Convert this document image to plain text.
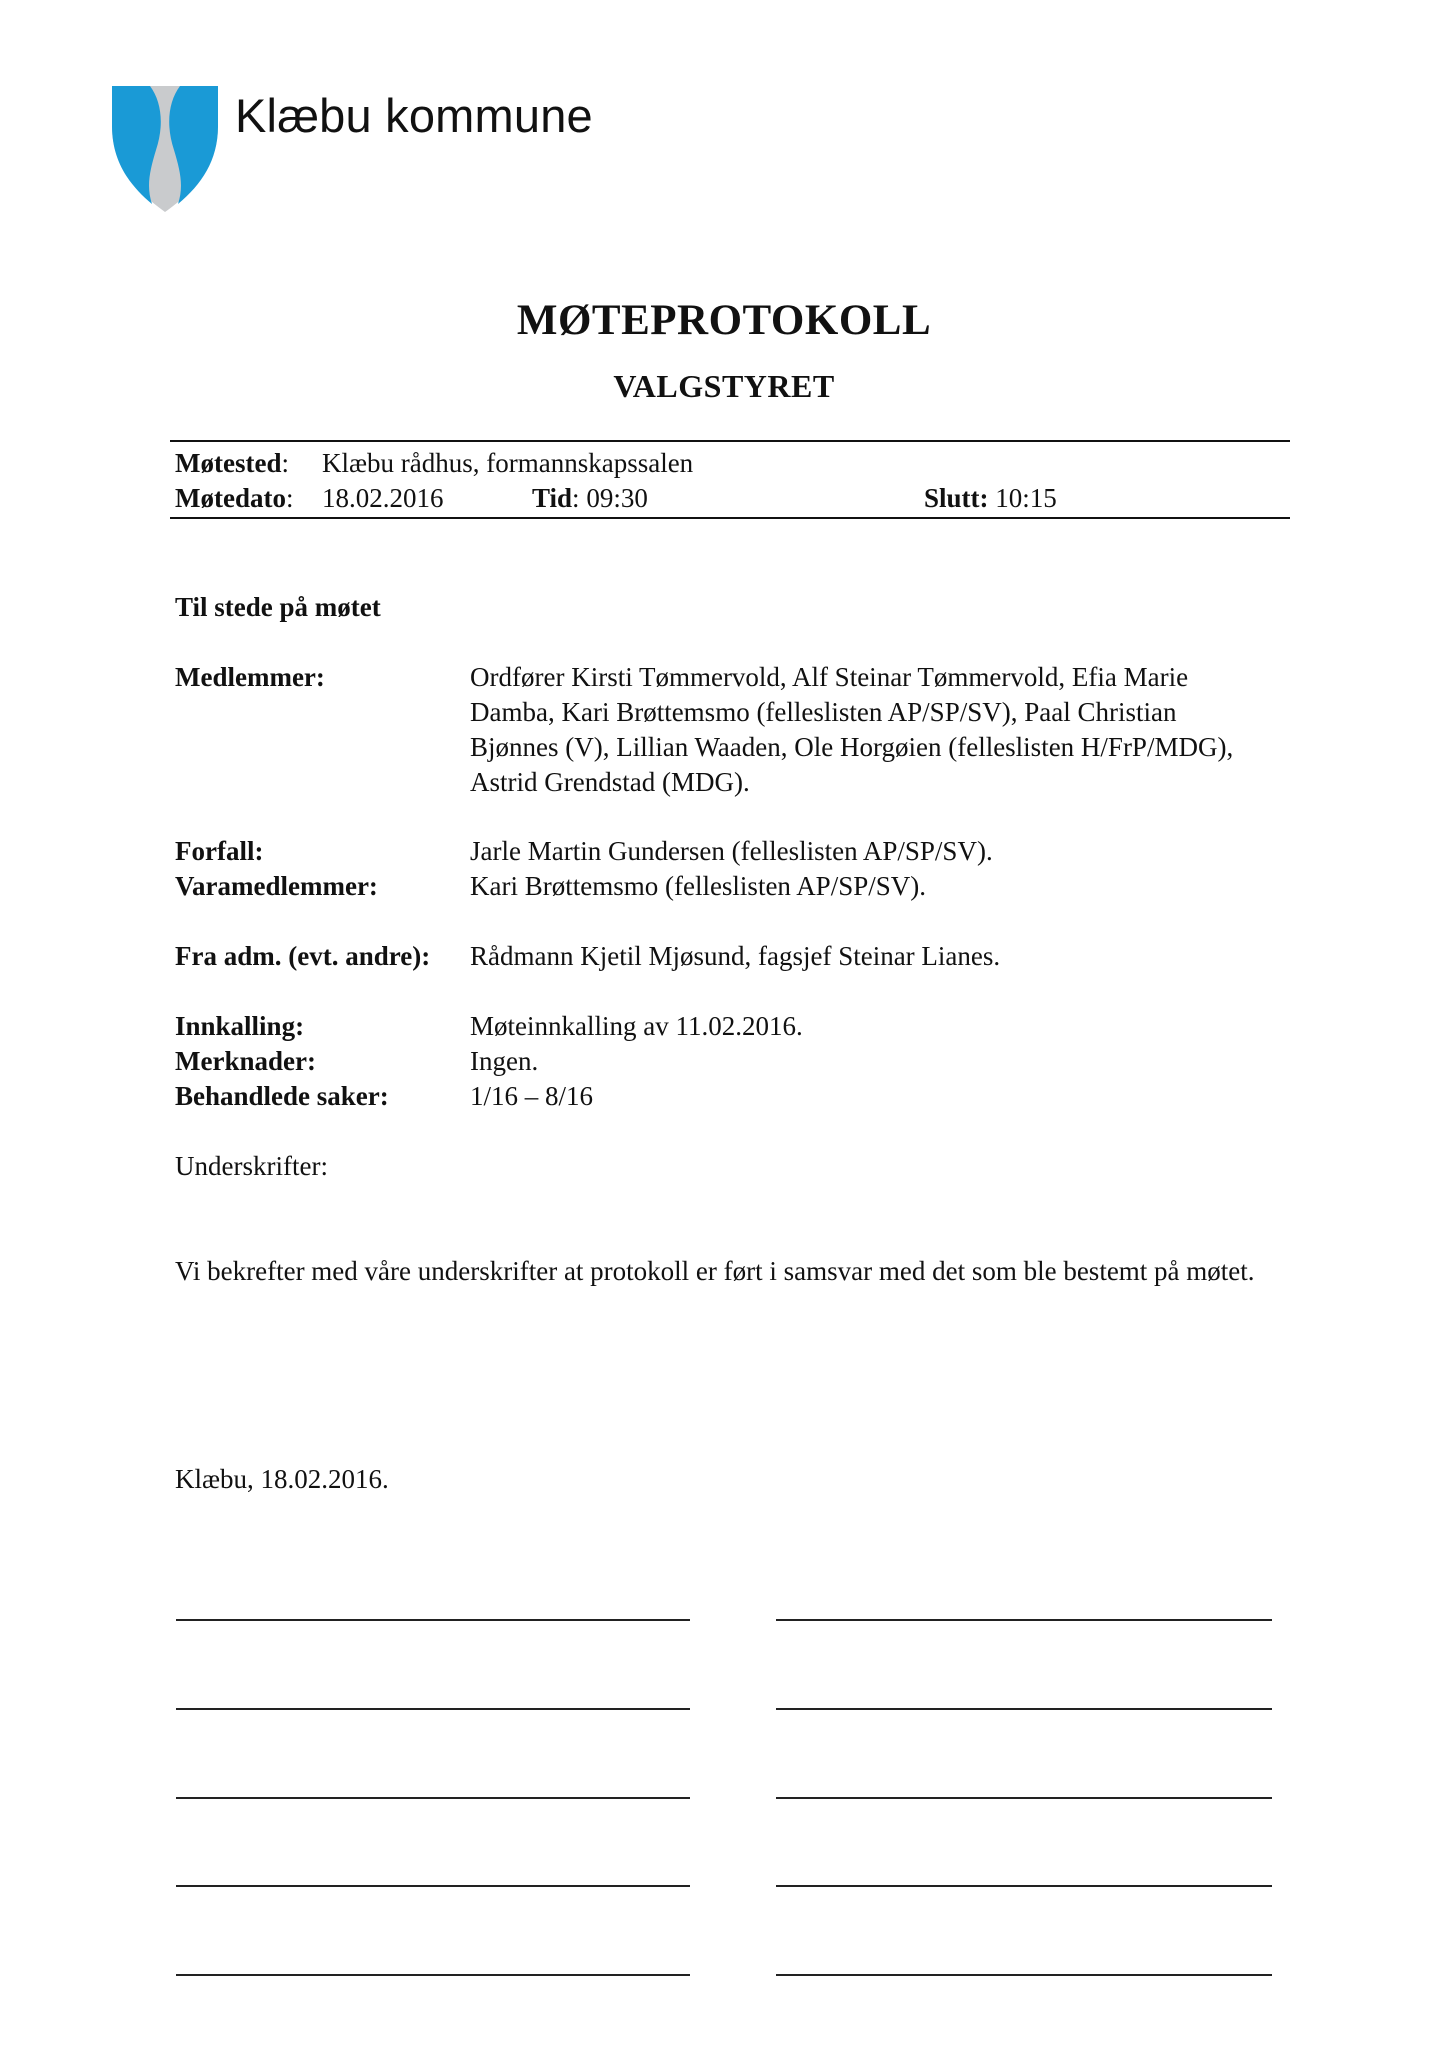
Klæbu kommune
MØTEPROTOKOLL
VALGSTYRET
Møtested: Klæbu rådhus, formannskapssalen
Møtedato: 18.02.2016	Tid: 09:30	Slutt: 10:15
Til stede på møtet
Medlemmer:	Ordfører Kirsti Tømmervold, Alf Steinar Tømmervold, Efia Marie Damba, Kari Brøttemsmo (felleslisten AP/SP/SV), Paal Christian Bjønnes (V), Lillian Waaden, Ole Horgøien (felleslisten H/FrP/MDG), Astrid Grendstad (MDG).
Forfall:	Jarle Martin Gundersen (felleslisten AP/SP/SV).
Varamedlemmer:	Kari Brøttemsmo (felleslisten AP/SP/SV).
Fra adm. (evt. andre): Rådmann Kjetil Mjøsund, fagsjef Steinar Lianes.
Innkalling:	Møteinnkalling av 11.02.2016.
Merknader:	Ingen.
Behandlede saker:	1/16 – 8/16
Underskrifter:
Vi bekrefter med våre underskrifter at protokoll er ført i samsvar med det som ble bestemt på møtet.
Klæbu, 18.02.2016.
